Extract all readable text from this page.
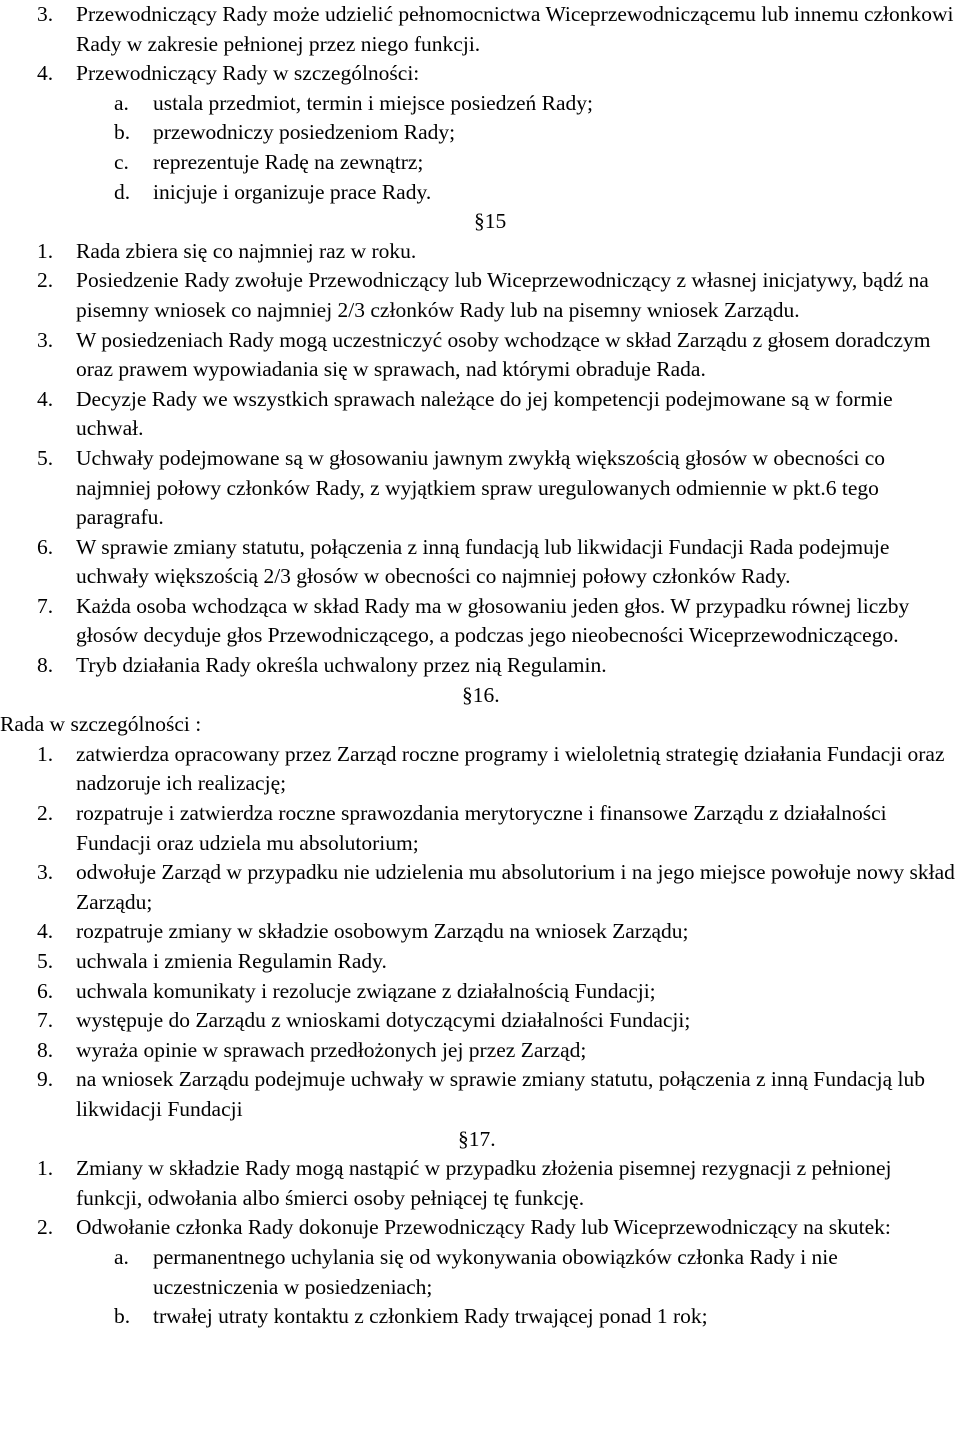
3. Przewodniczący Rady może udzielić pełnomocnictwa Wiceprzewodniczącemu lub innemu członkowi Rady w zakresie pełnionej przez niego funkcji.
4. Przewodniczący Rady w szczególności:
a. ustala przedmiot, termin i miejsce posiedzeń Rady;
b. przewodniczy posiedzeniom Rady;
c. reprezentuje Radę na zewnątrz;
d. inicjuje i organizuje prace Rady.
§15
1. Rada zbiera się co najmniej raz w roku.
2. Posiedzenie Rady zwołuje Przewodniczący lub Wiceprzewodniczący z własnej inicjatywy, bądź na pisemny wniosek co najmniej 2/3 członków Rady lub na pisemny wniosek Zarządu.
3. W posiedzeniach Rady mogą uczestniczyć osoby wchodzące w skład Zarządu z głosem doradczym oraz prawem wypowiadania się w sprawach, nad którymi obraduje Rada.
4. Decyzje Rady we wszystkich sprawach należące do jej kompetencji podejmowane są w formie uchwał.
5. Uchwały podejmowane są w głosowaniu jawnym zwykłą większością głosów w obecności co najmniej połowy członków Rady, z wyjątkiem spraw uregulowanych odmiennie w pkt.6 tego paragrafu.
6. W sprawie zmiany statutu, połączenia z inną fundacją lub likwidacji Fundacji Rada podejmuje uchwały większością 2/3 głosów w obecności co najmniej połowy członków Rady.
7. Każda osoba wchodząca w skład Rady ma w głosowaniu jeden głos. W przypadku równej liczby głosów decyduje głos Przewodniczącego, a podczas jego nieobecności Wiceprzewodniczącego.
8. Tryb działania Rady określa uchwalony przez nią Regulamin.
§16.
Rada w szczególności :
1. zatwierdza opracowany przez Zarząd roczne programy i wieloletnią strategię działania Fundacji oraz nadzoruje ich realizację;
2. rozpatruje i zatwierdza roczne sprawozdania merytoryczne i finansowe Zarządu z działalności Fundacji oraz udziela mu absolutorium;
3. odwołuje Zarząd w przypadku nie udzielenia mu absolutorium i na jego miejsce powołuje nowy skład Zarządu;
4. rozpatruje zmiany w składzie osobowym Zarządu na wniosek Zarządu;
5. uchwala i zmienia Regulamin Rady.
6. uchwala komunikaty i rezolucje związane z działalnością Fundacji;
7. występuje do Zarządu z wnioskami dotyczącymi działalności Fundacji;
8. wyraża opinie w sprawach przedłożonych jej przez Zarząd;
9. na wniosek Zarządu podejmuje uchwały w sprawie zmiany statutu, połączenia z inną Fundacją lub likwidacji Fundacji
§17.
1. Zmiany w składzie Rady mogą nastąpić w przypadku złożenia pisemnej rezygnacji z pełnionej funkcji, odwołania albo śmierci osoby pełniącej tę funkcję.
2. Odwołanie członka Rady dokonuje Przewodniczący Rady lub Wiceprzewodniczący na skutek:
a. permanentnego uchylania się od wykonywania obowiązków członka Rady i nie uczestniczenia w posiedzeniach;
b. trwałej utraty kontaktu z członkiem Rady trwającej ponad 1 rok;
